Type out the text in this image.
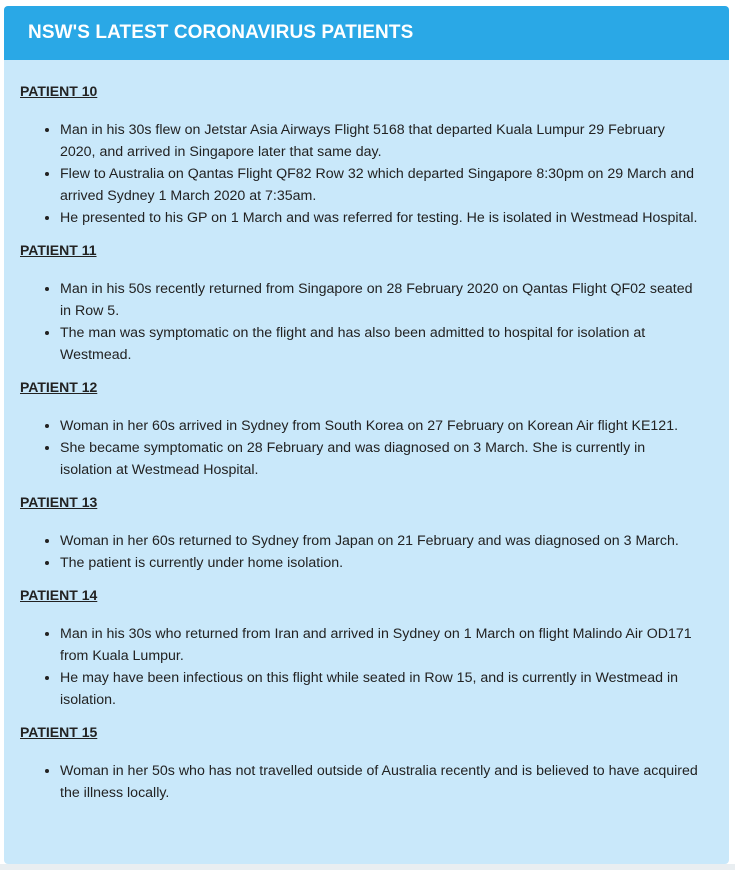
NSW'S LATEST CORONAVIRUS PATIENTS
PATIENT 10
Man in his 30s flew on Jetstar Asia Airways Flight 5168 that departed Kuala Lumpur 29 February 2020, and arrived in Singapore later that same day.
Flew to Australia on Qantas Flight QF82 Row 32 which departed Singapore 8:30pm on 29 March and arrived Sydney 1 March 2020 at 7:35am.
He presented to his GP on 1 March and was referred for testing. He is isolated in Westmead Hospital.
PATIENT 11
Man in his 50s recently returned from Singapore on 28 February 2020 on Qantas Flight QF02 seated in Row 5.
The man was symptomatic on the flight and has also been admitted to hospital for isolation at Westmead.
PATIENT 12
Woman in her 60s arrived in Sydney from South Korea on 27 February on Korean Air flight KE121.
She became symptomatic on 28 February and was diagnosed on 3 March. She is currently in isolation at Westmead Hospital.
PATIENT 13
Woman in her 60s returned to Sydney from Japan on 21 February and was diagnosed on 3 March.
The patient is currently under home isolation.
PATIENT 14
Man in his 30s who returned from Iran and arrived in Sydney on 1 March on flight Malindo Air OD171 from Kuala Lumpur.
He may have been infectious on this flight while seated in Row 15, and is currently in Westmead in isolation.
PATIENT 15
Woman in her 50s who has not travelled outside of Australia recently and is believed to have acquired the illness locally.
